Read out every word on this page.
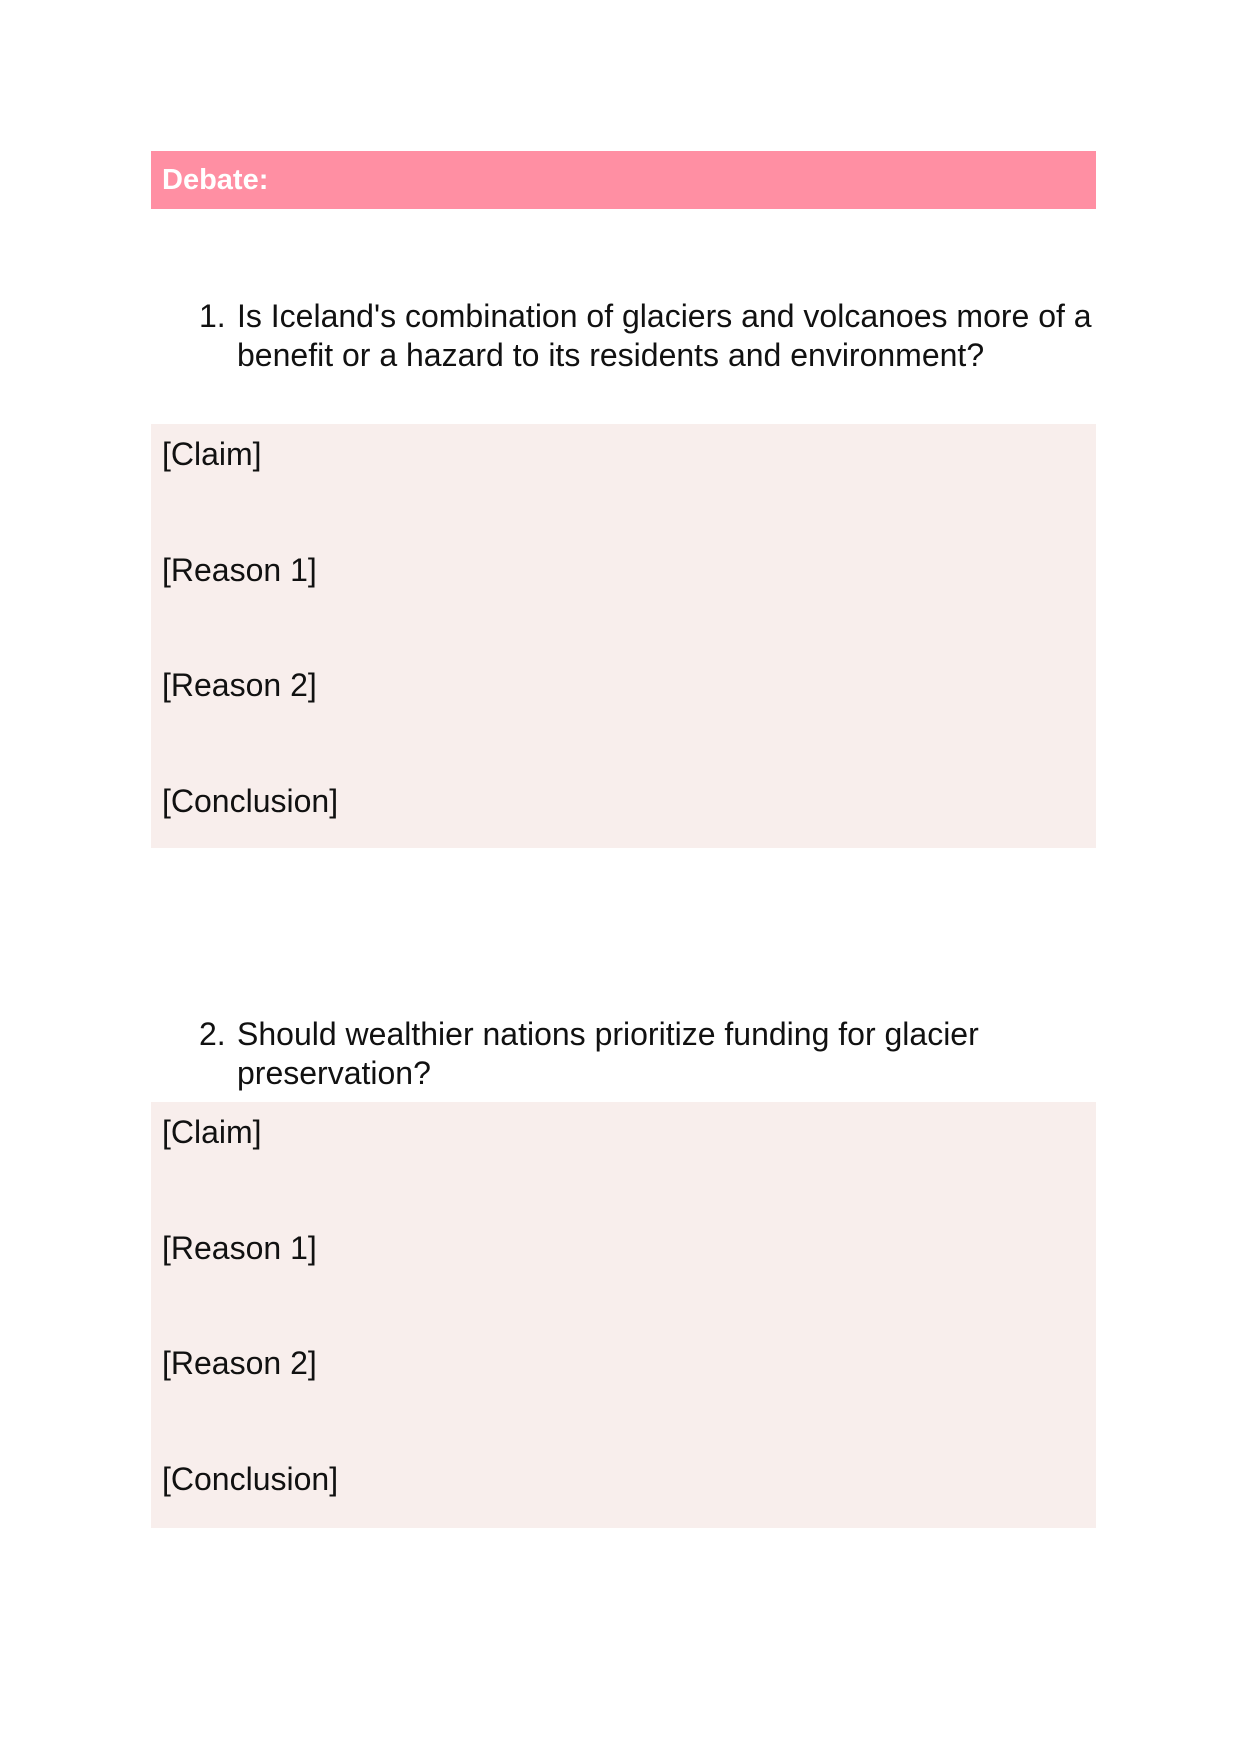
Debate:
1. Is Iceland's combination of glaciers and volcanoes more of a benefit or a hazard to its residents and environment?
[Claim]
[Reason 1]
[Reason 2]
[Conclusion]
2. Should wealthier nations prioritize funding for glacier preservation?
[Claim]
[Reason 1]
[Reason 2]
[Conclusion]
